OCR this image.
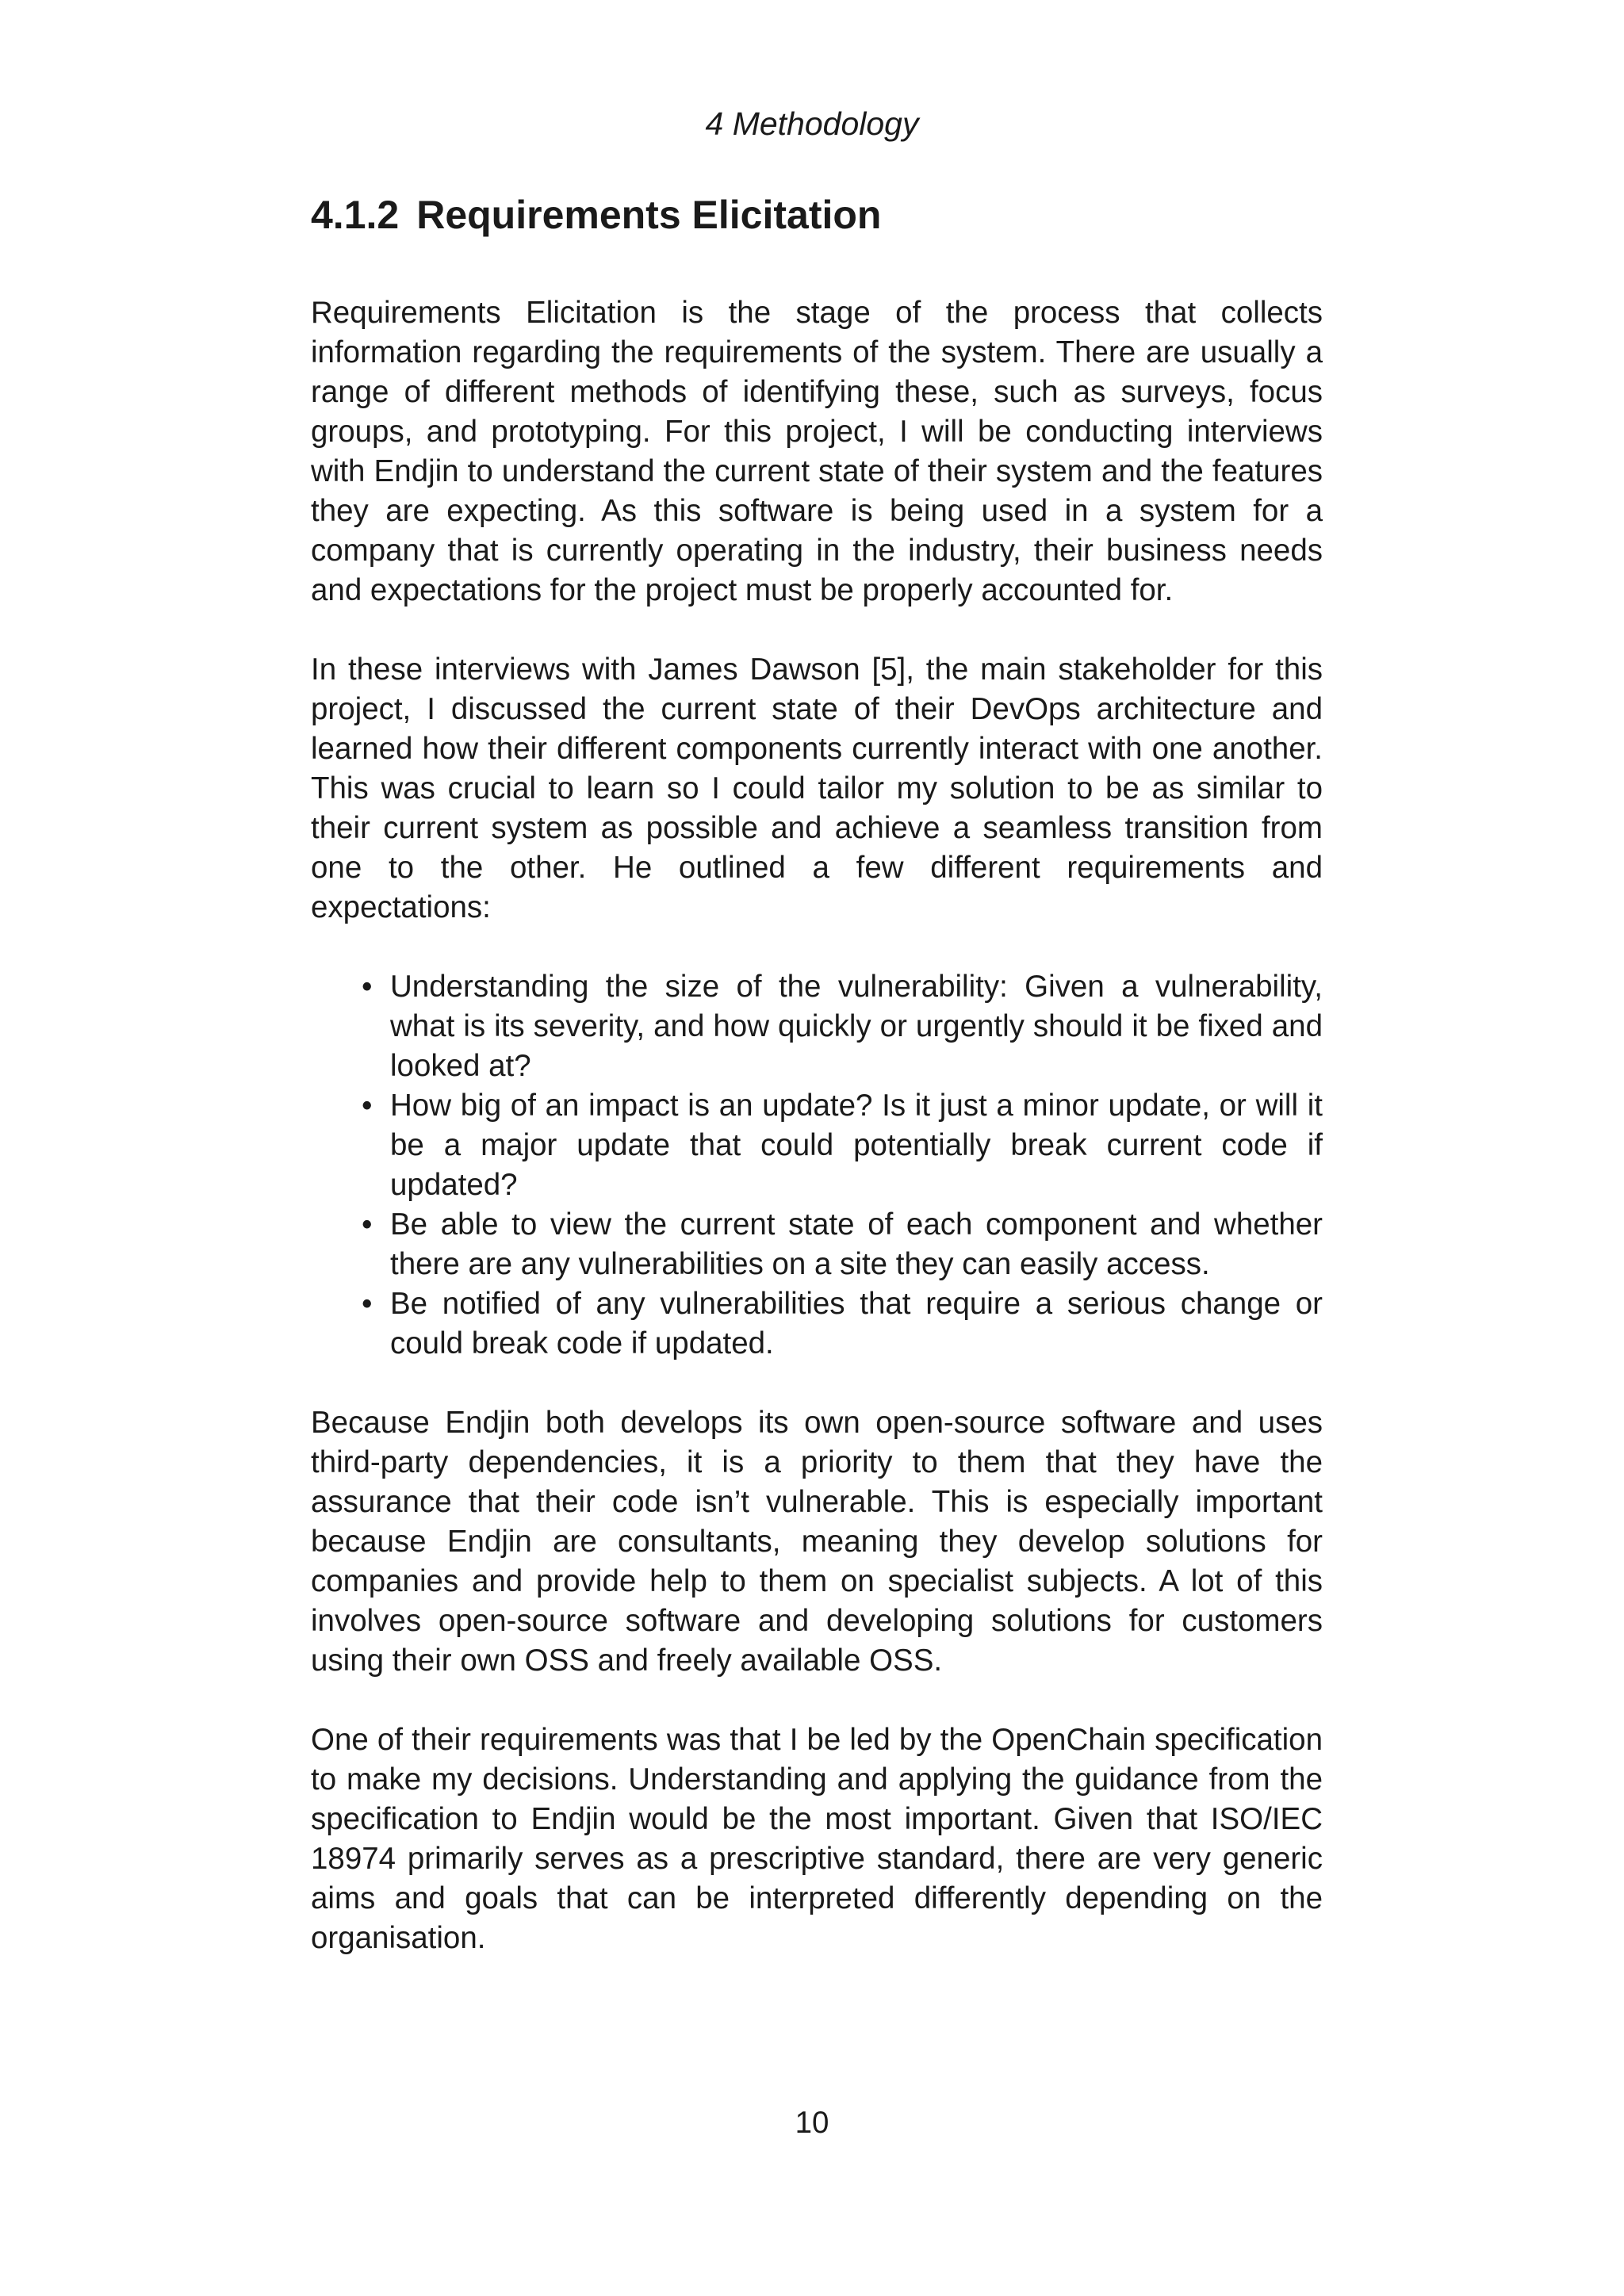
4 Methodology
4.1.2 Requirements Elicitation

Requirements Elicitation is the stage of the process that collects information regarding the requirements of the system. There are usually a range of different methods of identifying these, such as surveys, focus groups, and prototyping. For this project, I will be conducting interviews with Endjin to understand the current state of their system and the features they are expecting. As this software is being used in a system for a company that is currently operating in the industry, their business needs and expectations for the project must be properly accounted for.

In these interviews with James Dawson [5], the main stakeholder for this project, I discussed the current state of their DevOps architecture and learned how their different components currently interact with one another. This was crucial to learn so I could tailor my solution to be as similar to their current system as possible and achieve a seamless transition from one to the other. He outlined a few different requirements and expectations:

• Understanding the size of the vulnerability: Given a vulnerability, what is its severity, and how quickly or urgently should it be fixed and looked at?
• How big of an impact is an update? Is it just a minor update, or will it be a major update that could potentially break current code if updated?
• Be able to view the current state of each component and whether there are any vulnerabilities on a site they can easily access.
• Be notified of any vulnerabilities that require a serious change or could break code if updated.

Because Endjin both develops its own open-source software and uses third-party dependencies, it is a priority to them that they have the assurance that their code isn’t vulnerable. This is especially important because Endjin are consultants, meaning they develop solutions for companies and provide help to them on specialist subjects. A lot of this involves open-source software and developing solutions for customers using their own OSS and freely available OSS.

One of their requirements was that I be led by the OpenChain specification to make my decisions. Understanding and applying the guidance from the specification to Endjin would be the most important. Given that ISO/IEC 18974 primarily serves as a prescriptive standard, there are very generic aims and goals that can be interpreted differently depending on the organisation.

10
